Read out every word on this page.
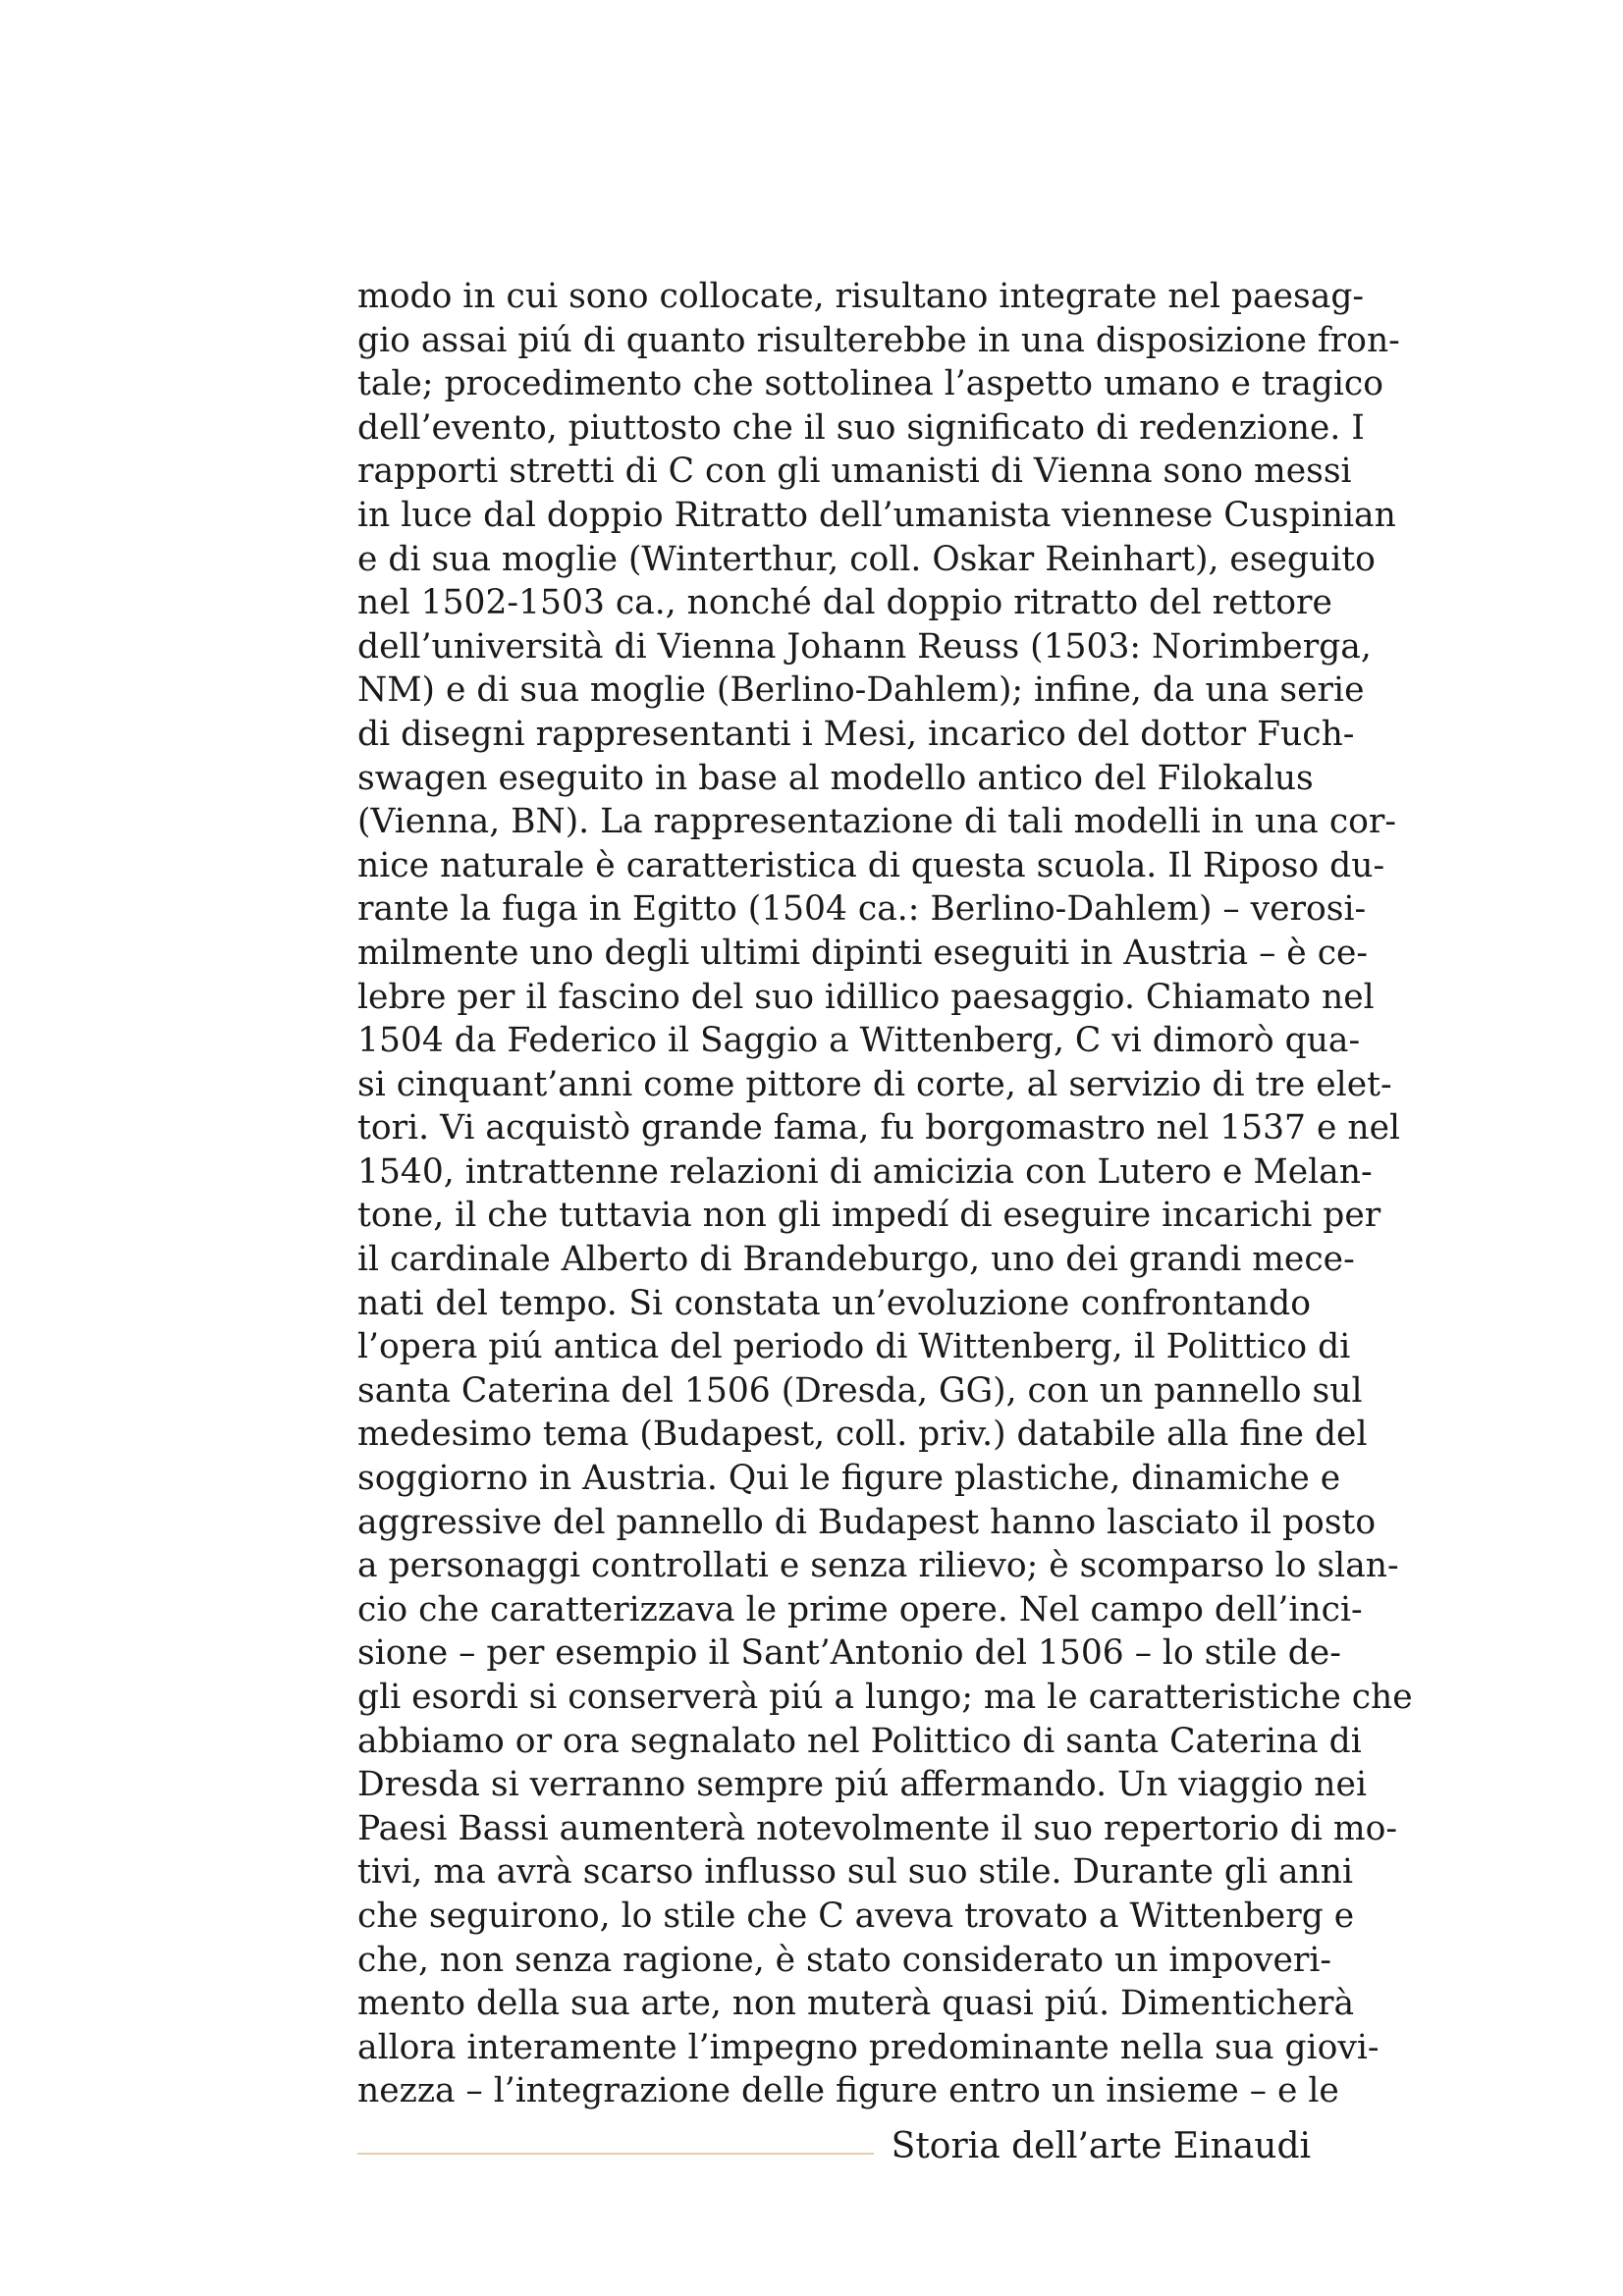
modo in cui sono collocate, risultano integrate nel paesag-
gio assai piú di quanto risulterebbe in una disposizione fron-
tale; procedimento che sottolinea l’aspetto umano e tragico
dell’evento, piuttosto che il suo significato di redenzione. I
rapporti stretti di C con gli umanisti di Vienna sono messi
in luce dal doppio Ritratto dell’umanista viennese Cuspinian
e di sua moglie (Winterthur, coll. Oskar Reinhart), eseguito
nel 1502-1503 ca., nonché dal doppio ritratto del rettore
dell’università di Vienna Johann Reuss (1503: Norimberga,
NM) e di sua moglie (Berlino-Dahlem); infine, da una serie
di disegni rappresentanti i Mesi, incarico del dottor Fuch-
swagen eseguito in base al modello antico del Filokalus
(Vienna, BN). La rappresentazione di tali modelli in una cor-
nice naturale è caratteristica di questa scuola. Il Riposo du-
rante la fuga in Egitto (1504 ca.: Berlino-Dahlem) – verosi-
milmente uno degli ultimi dipinti eseguiti in Austria – è ce-
lebre per il fascino del suo idillico paesaggio. Chiamato nel
1504 da Federico il Saggio a Wittenberg, C vi dimorò qua-
si cinquant’anni come pittore di corte, al servizio di tre elet-
tori. Vi acquistò grande fama, fu borgomastro nel 1537 e nel
1540, intrattenne relazioni di amicizia con Lutero e Melan-
tone, il che tuttavia non gli impedí di eseguire incarichi per
il cardinale Alberto di Brandeburgo, uno dei grandi mece-
nati del tempo. Si constata un’evoluzione confrontando
l’opera piú antica del periodo di Wittenberg, il Polittico di
santa Caterina del 1506 (Dresda, GG), con un pannello sul
medesimo tema (Budapest, coll. priv.) databile alla fine del
soggiorno in Austria. Qui le figure plastiche, dinamiche e
aggressive del pannello di Budapest hanno lasciato il posto
a personaggi controllati e senza rilievo; è scomparso lo slan-
cio che caratterizzava le prime opere. Nel campo dell’inci-
sione – per esempio il Sant’Antonio del 1506 – lo stile de-
gli esordi si conserverà piú a lungo; ma le caratteristiche che
abbiamo or ora segnalato nel Polittico di santa Caterina di
Dresda si verranno sempre piú affermando. Un viaggio nei
Paesi Bassi aumenterà notevolmente il suo repertorio di mo-
tivi, ma avrà scarso influsso sul suo stile. Durante gli anni
che seguirono, lo stile che C aveva trovato a Wittenberg e
che, non senza ragione, è stato considerato un impoveri-
mento della sua arte, non muterà quasi piú. Dimenticherà
allora interamente l’impegno predominante nella sua giovi-
nezza – l’integrazione delle figure entro un insieme – e le
Storia dell’arte Einaudi
